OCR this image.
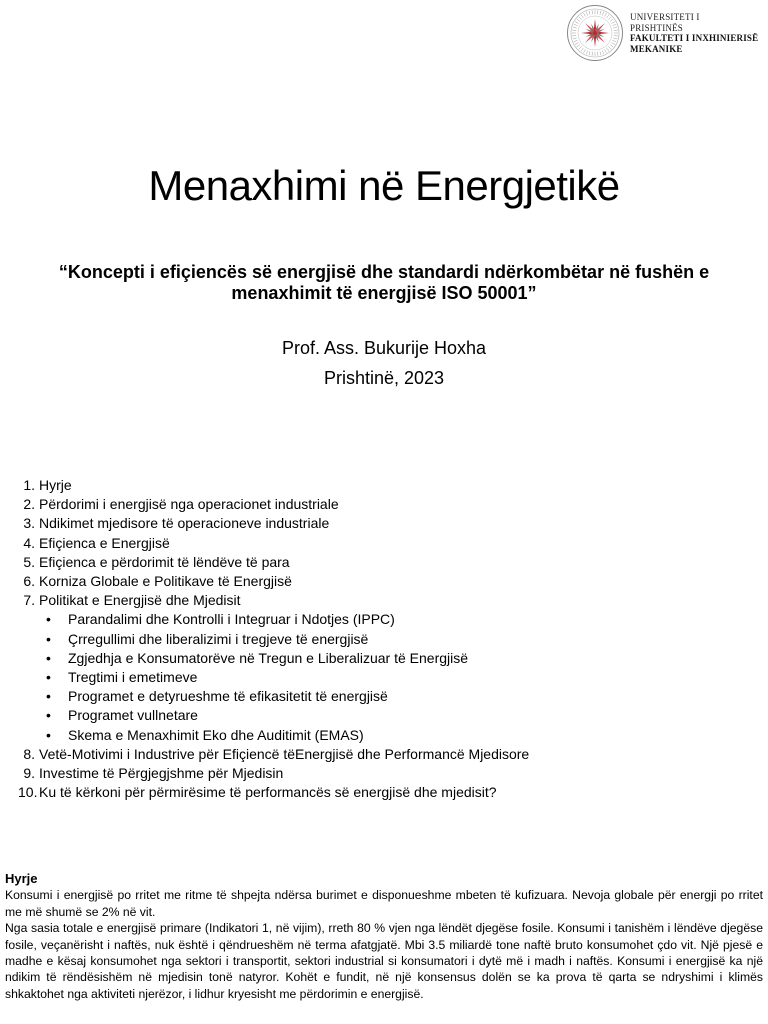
UNIVERSITETI I
PRISHTINËS
FAKULTETI I INXHINIERISË
MEKANIKE
Menaxhimi në Energjetikë
“Koncepti i efiçiencës së energjisë dhe standardi ndërkombëtar në fushën e menaxhimit të energjisë ISO 50001”
Prof. Ass. Bukurije Hoxha
Prishtinë, 2023
1. Hyrje
2. Përdorimi i energjisë nga operacionet industriale
3. Ndikimet mjedisore të operacioneve industriale
4. Efiçienca e Energjisë
5. Efiçienca e përdorimit të lëndëve të para
6. Korniza Globale e Politikave të Energjisë
7. Politikat e Energjisë dhe Mjedisit
• Parandalimi dhe Kontrolli i Integruar i Ndotjes (IPPC)
• Çrregullimi dhe liberalizimi i tregjeve të energjisë
• Zgjedhja e Konsumatorëve në Tregun e Liberalizuar të Energjisë
• Tregtimi i emetimeve
• Programet e detyrueshme të efikasitetit të energjisë
• Programet vullnetare
• Skema e Menaxhimit Eko dhe Auditimit (EMAS)
8. Vetë-Motivimi i Industrive për Efiçiencë tëEnergjisë dhe Performancë Mjedisore
9. Investime të Përgjegjshme për Mjedisin
10. Ku të kërkoni për përmirësime të performancës së energjisë dhe mjedisit?
Hyrje

Konsumi i energjisë po rritet me ritme të shpejta ndërsa burimet e disponueshme mbeten të kufizuara. Nevoja globale për energji po rritet me më shumë se 2% në vit.

Nga sasia totale e energjisë primare (Indikatori 1, në vijim), rreth 80 % vjen nga lëndët djegëse fosile. Konsumi i tanishëm i lëndëve djegëse fosile, veçanërisht i naftës, nuk është i qëndrueshëm në terma afatgjatë. Mbi 3.5 miliardë tone naftë bruto konsumohet çdo vit. Një pjesë e madhe e kësaj konsumohet nga sektori i transportit, sektori industrial si konsumatori i dytë më i madh i naftës. Konsumi i energjisë ka një ndikim të rëndësishëm në mjedisin tonë natyror. Kohët e fundit, në një konsensus dolën se ka prova të qarta se ndryshimi i klimës shkaktohet nga aktiviteti njerëzor, i lidhur kryesisht me përdorimin e energjisë.
